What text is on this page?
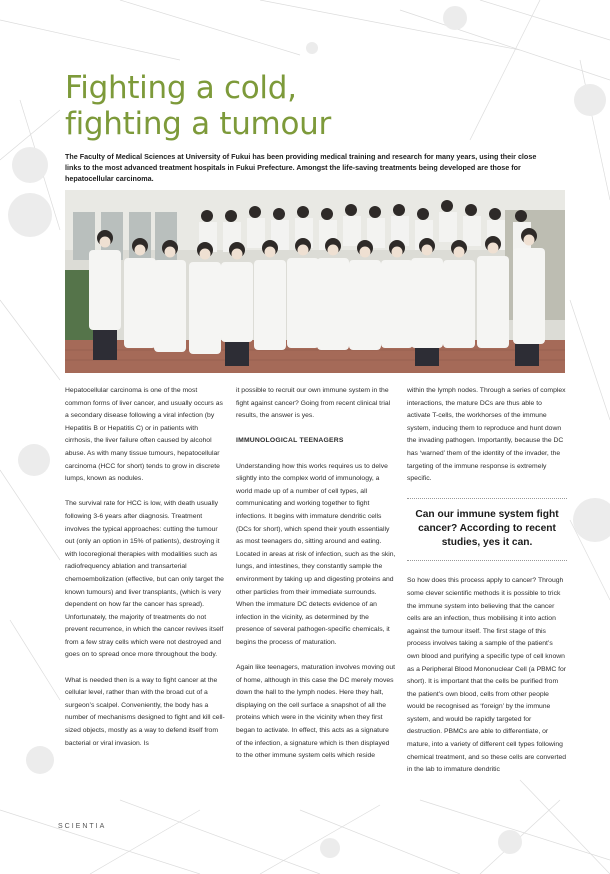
Fighting a cold,
fighting a tumour

The Faculty of Medical Sciences at University of Fukui has been providing medical training and research for many years, using their close links to the most advanced treatment hospitals in Fukui Prefecture. Amongst the life-saving treatments being developed are those for hepatocellular carcinoma.

Hepatocellular carcinoma is one of the most common forms of liver cancer, and usually occurs as a secondary disease following a viral infection (by Hepatitis B or Hepatitis C) or in patients with cirrhosis, the liver failure often caused by alcohol abuse. As with many tissue tumours, hepatocellular carcinoma (HCC for short) tends to grow in discrete lumps, known as nodules.

The survival rate for HCC is low, with death usually following 3-6 years after diagnosis. Treatment involves the typical approaches: cutting the tumour out (only an option in 15% of patients), destroying it with locoregional therapies with modalities such as radiofrequency ablation and transarterial chemoembolization (effective, but can only target the known tumours) and liver transplants, (which is very dependent on how far the cancer has spread). Unfortunately, the majority of treatments do not prevent recurrence, in which the cancer revives itself from a few stray cells which were not destroyed and goes on to spread once more throughout the body.

What is needed then is a way to fight cancer at the cellular level, rather than with the broad cut of a surgeon’s scalpel. Conveniently, the body has a number of mechanisms designed to fight and kill cell-sized objects, mostly as a way to defend itself from bacterial or viral invasion. Is

it possible to recruit our own immune system in the fight against cancer? Going from recent clinical trial results, the answer is yes.

IMMUNOLOGICAL TEENAGERS

Understanding how this works requires us to delve slightly into the complex world of immunology, a world made up of a number of cell types, all communicating and working together to fight infections. It begins with immature dendritic cells (DCs for short), which spend their youth essentially as most teenagers do, sitting around and eating. Located in areas at risk of infection, such as the skin, lungs, and intestines, they constantly sample the environment by taking up and digesting proteins and other particles from their immediate surrounds. When the immature DC detects evidence of an infection in the vicinity, as determined by the presence of several pathogen-specific chemicals, it begins the process of maturation.

Again like teenagers, maturation involves moving out of home, although in this case the DC merely moves down the hall to the lymph nodes. Here they halt, displaying on the cell surface a snapshot of all the proteins which were in the vicinity when they first began to activate. In effect, this acts as a signature of the infection, a signature which is then displayed to the other immune system cells which reside

within the lymph nodes. Through a series of complex interactions, the mature DCs are thus able to activate T-cells, the workhorses of the immune system, inducing them to reproduce and hunt down the invading pathogen. Importantly, because the DC has ‘warned’ them of the identity of the invader, the targeting of the immune response is extremely specific.

Can our immune system fight cancer? According to recent studies, yes it can.

So how does this process apply to cancer? Through some clever scientific methods it is possible to trick the immune system into believing that the cancer cells are an infection, thus mobilising it into action against the tumour itself. The first stage of this process involves taking a sample of the patient’s own blood and purifying a specific type of cell known as a Peripheral Blood Mononuclear Cell (a PBMC for short). It is important that the cells be purified from the patient’s own blood, cells from other people would be recognised as ‘foreign’ by the immune system, and would be rapidly targeted for destruction. PBMCs are able to differentiate, or mature, into a variety of different cell types following chemical treatment, and so these cells are converted in the lab to immature dendritic

SCIENTIA
